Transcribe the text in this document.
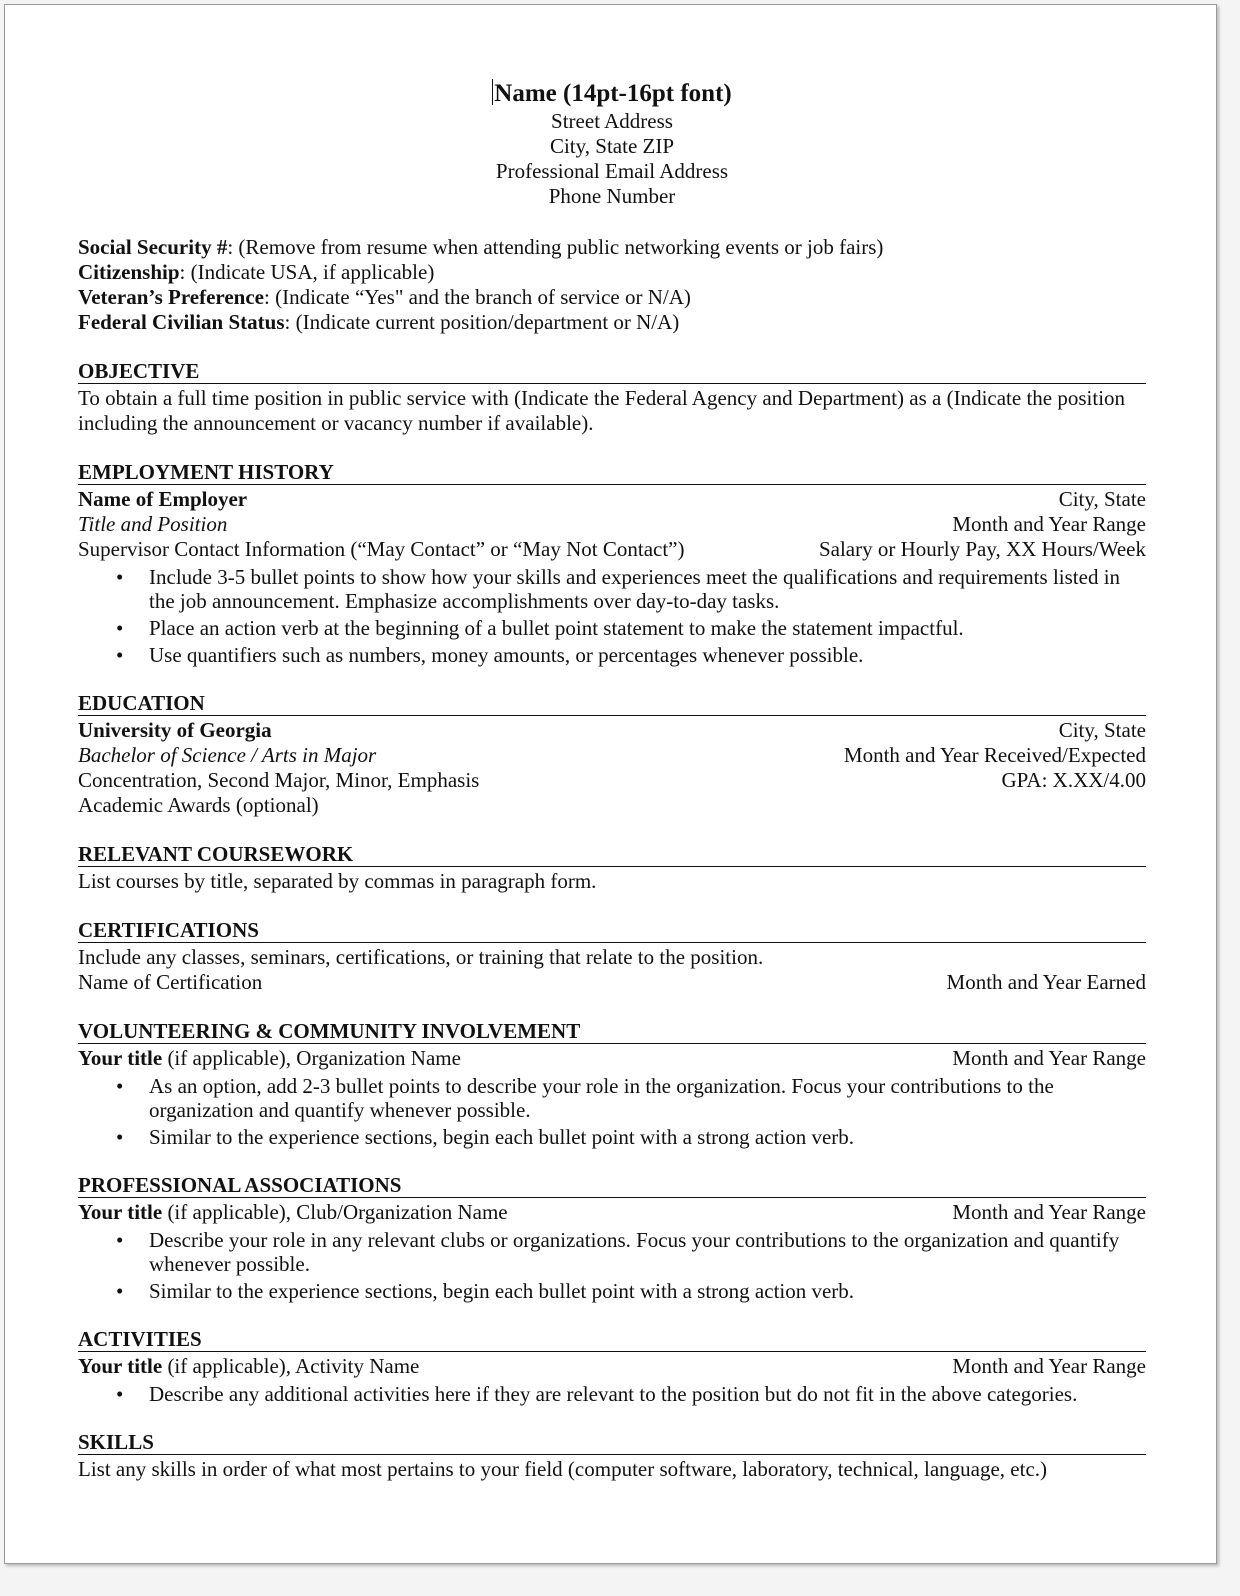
Name (14pt-16pt font)
Street Address
City, State ZIP
Professional Email Address
Phone Number
Social Security #: (Remove from resume when attending public networking events or job fairs)
Citizenship: (Indicate USA, if applicable)
Veteran’s Preference: (Indicate “Yes" and the branch of service or N/A)
Federal Civilian Status: (Indicate current position/department or N/A)
OBJECTIVE
To obtain a full time position in public service with (Indicate the Federal Agency and Department) as a (Indicate the position including the announcement or vacancy number if available).
EMPLOYMENT HISTORY
Name of Employer	City, State
Title and Position	Month and Year Range
Supervisor Contact Information (“May Contact” or “May Not Contact”)	Salary or Hourly Pay, XX Hours/Week
• Include 3-5 bullet points to show how your skills and experiences meet the qualifications and requirements listed in the job announcement. Emphasize accomplishments over day-to-day tasks.
• Place an action verb at the beginning of a bullet point statement to make the statement impactful.
• Use quantifiers such as numbers, money amounts, or percentages whenever possible.
EDUCATION
University of Georgia	City, State
Bachelor of Science / Arts in Major	Month and Year Received/Expected
Concentration, Second Major, Minor, Emphasis	GPA: X.XX/4.00
Academic Awards (optional)
RELEVANT COURSEWORK
List courses by title, separated by commas in paragraph form.
CERTIFICATIONS
Include any classes, seminars, certifications, or training that relate to the position.
Name of Certification	Month and Year Earned
VOLUNTEERING & COMMUNITY INVOLVEMENT
Your title (if applicable), Organization Name	Month and Year Range
• As an option, add 2-3 bullet points to describe your role in the organization. Focus your contributions to the organization and quantify whenever possible.
• Similar to the experience sections, begin each bullet point with a strong action verb.
PROFESSIONAL ASSOCIATIONS
Your title (if applicable), Club/Organization Name	Month and Year Range
• Describe your role in any relevant clubs or organizations. Focus your contributions to the organization and quantify whenever possible.
• Similar to the experience sections, begin each bullet point with a strong action verb.
ACTIVITIES
Your title (if applicable), Activity Name	Month and Year Range
• Describe any additional activities here if they are relevant to the position but do not fit in the above categories.
SKILLS
List any skills in order of what most pertains to your field (computer software, laboratory, technical, language, etc.)
